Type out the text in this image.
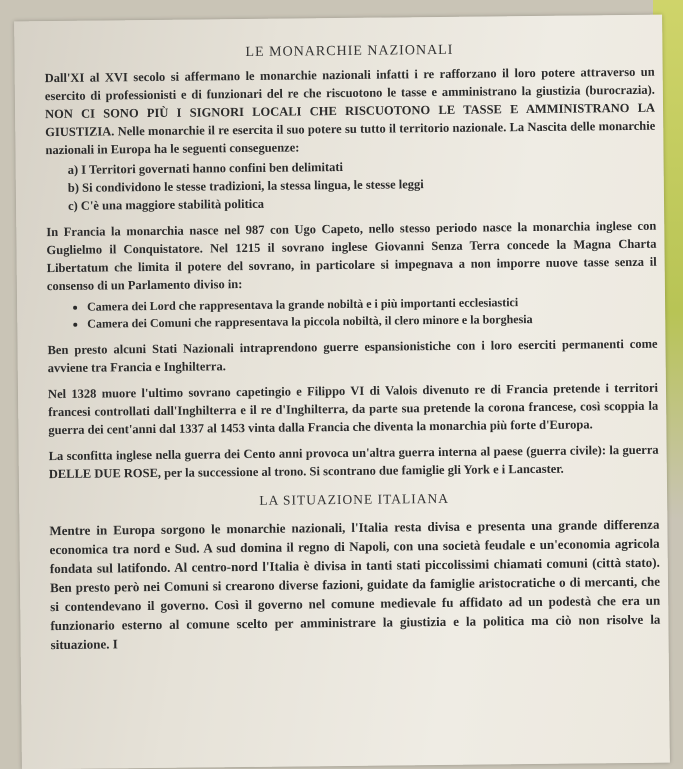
LE MONARCHIE NAZIONALI

Dall'XI al XVI secolo si affermano le monarchie nazionali infatti i re rafforzano il loro potere attraverso un esercito di professionisti e di funzionari del re che riscuotono le tasse e amministrano la giustizia (burocrazia). NON CI SONO PIÙ I SIGNORI LOCALI CHE RISCUOTONO LE TASSE E AMMINISTRANO LA GIUSTIZIA. Nelle monarchie il re esercita il suo potere su tutto il territorio nazionale. La Nascita delle monarchie nazionali in Europa ha le seguenti conseguenze:

a) I Territori governati hanno confini ben delimitati
b) Si condividono le stesse tradizioni, la stessa lingua, le stesse leggi
c) C'è una maggiore stabilità politica

In Francia la monarchia nasce nel 987 con Ugo Capeto, nello stesso periodo nasce la monarchia inglese con Guglielmo il Conquistatore. Nel 1215 il sovrano inglese Giovanni Senza Terra concede la Magna Charta Libertatum che limita il potere del sovrano, in particolare si impegnava a non imporre nuove tasse senza il consenso di un Parlamento diviso in:

• Camera dei Lord che rappresentava la grande nobiltà e i più importanti ecclesiastici
• Camera dei Comuni che rappresentava la piccola nobiltà, il clero minore e la borghesia

Ben presto alcuni Stati Nazionali intraprendono guerre espansionistiche con i loro eserciti permanenti come avviene tra Francia e Inghilterra.

Nel 1328 muore l'ultimo sovrano capetingio e Filippo VI di Valois divenuto re di Francia pretende i territori francesi controllati dall'Inghilterra e il re d'Inghilterra, da parte sua pretende la corona francese, così scoppia la guerra dei cent'anni dal 1337 al 1453 vinta dalla Francia che diventa la monarchia più forte d'Europa.

La sconfitta inglese nella guerra dei Cento anni provoca un'altra guerra interna al paese (guerra civile): la guerra DELLE DUE ROSE, per la successione al trono. Si scontrano due famiglie gli York e i Lancaster.

LA SITUAZIONE ITALIANA

Mentre in Europa sorgono le monarchie nazionali, l'Italia resta divisa e presenta una grande differenza economica tra nord e Sud. A sud domina il regno di Napoli, con una società feudale e un'economia agricola fondata sul latifondo. Al centro-nord l'Italia è divisa in tanti stati piccolissimi chiamati comuni (città stato). Ben presto però nei Comuni si crearono diverse fazioni, guidate da famiglie aristocratiche o di mercanti, che si contendevano il governo. Così il governo nel comune medievale fu affidato ad un podestà che era un funzionario esterno al comune scelto per amministrare la giustizia e la politica ma ciò non risolve la situazione. I
